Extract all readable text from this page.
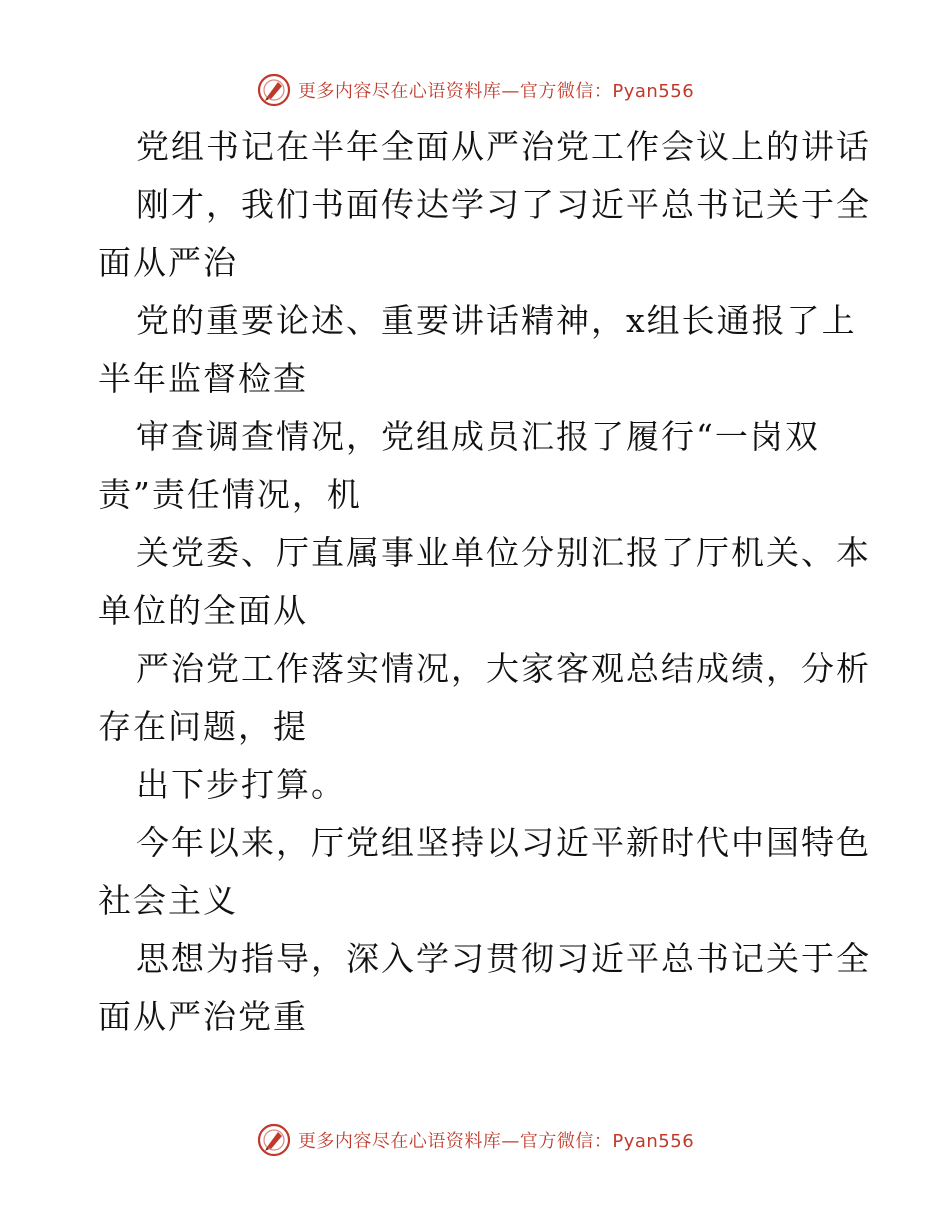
更多内容尽在心语资料库—官方微信：Pyan556
党组书记在半年全面从严治党工作会议上的讲话
刚才，我们书面传达学习了习近平总书记关于全
面从严治
党的重要论述、重要讲话精神，x组长通报了上
半年监督检查
审查调查情况，党组成员汇报了履行“一岗双
责”责任情况，机
关党委、厅直属事业单位分别汇报了厅机关、本
单位的全面从
严治党工作落实情况，大家客观总结成绩，分析
存在问题，提
出下步打算。
今年以来，厅党组坚持以习近平新时代中国特色
社会主义
思想为指导，深入学习贯彻习近平总书记关于全
面从严治党重
更多内容尽在心语资料库—官方微信：Pyan556
